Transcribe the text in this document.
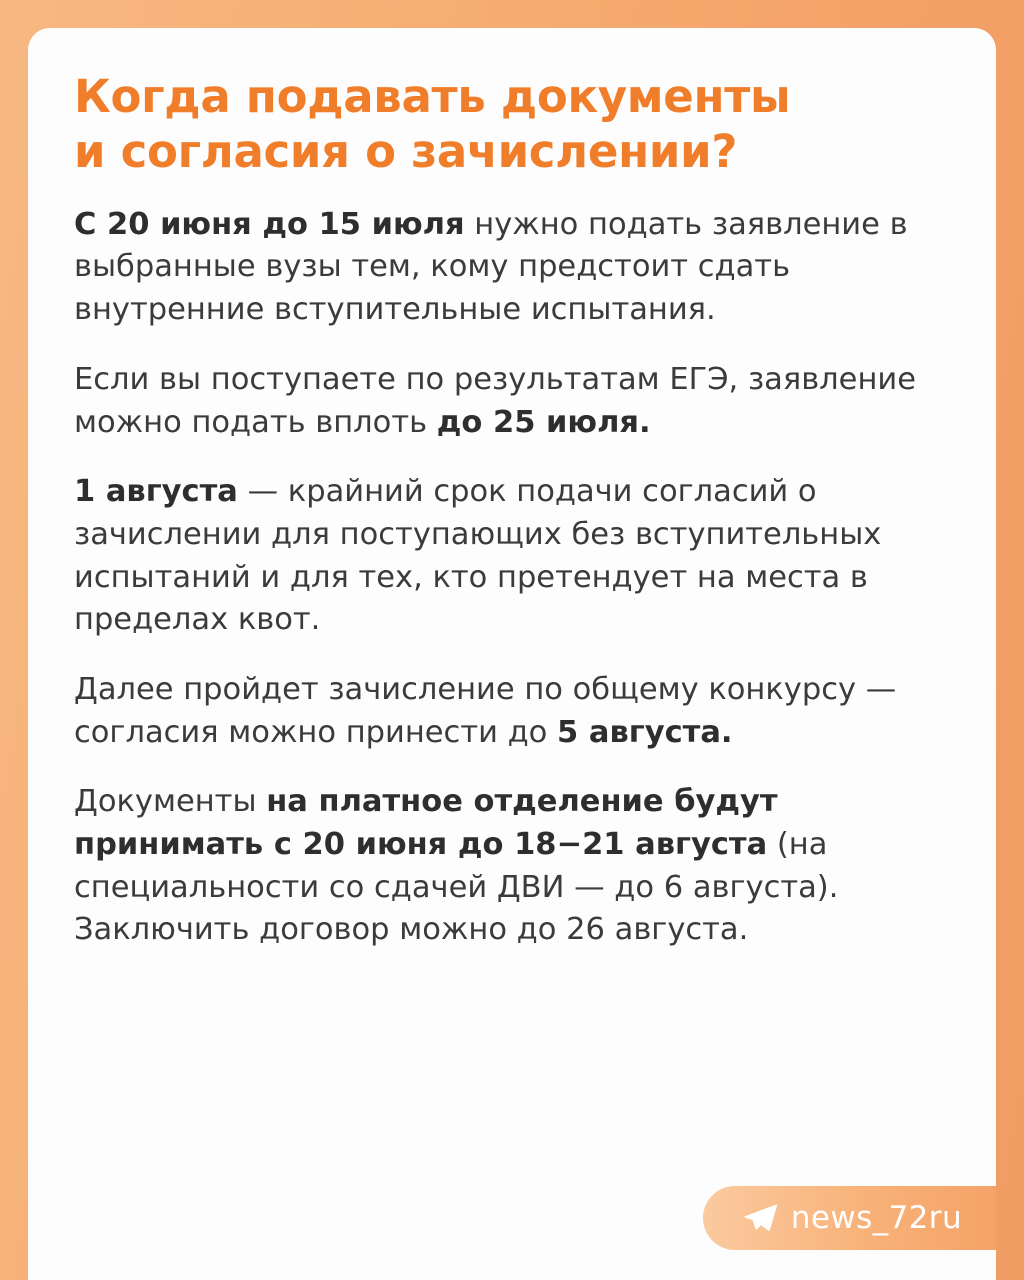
Когда подавать документы
и согласия о зачислении?

С 20 июня до 15 июля нужно подать заявление в выбранные вузы тем, кому предстоит сдать внутренние вступительные испытания.

Если вы поступаете по результатам ЕГЭ, заявление можно подать вплоть до 25 июля.

1 августа — крайний срок подачи согласий о зачислении для поступающих без вступительных испытаний и для тех, кто претендует на места в пределах квот.

Далее пройдет зачисление по общему конкурсу — согласия можно принести до 5 августа.

Документы на платное отделение будут принимать с 20 июня до 18−21 августа (на специальности со сдачей ДВИ — до 6 августа). Заключить договор можно до 26 августа.

news_72ru
